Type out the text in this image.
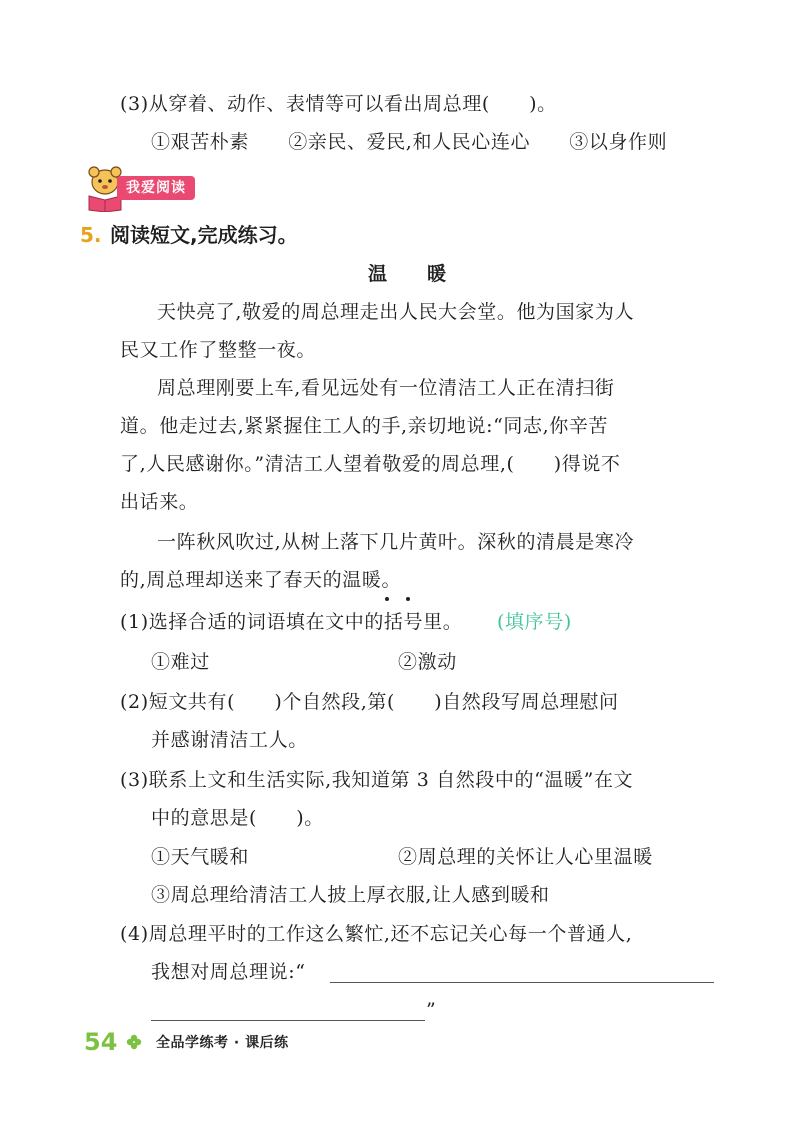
(3)从穿着、动作、表情等可以看出周总理(　　)。
①艰苦朴素　　②亲民、爱民,和人民心连心　　③以身作则
我爱阅读
5. 阅读短文,完成练习。
温暖
天快亮了,敬爱的周总理走出人民大会堂。他为国家为人
民又工作了整整一夜。
周总理刚要上车,看见远处有一位清洁工人正在清扫街
道。他走过去,紧紧握住工人的手,亲切地说:“同志,你辛苦
了,人民感谢你。”清洁工人望着敬爱的周总理,(　　)得说不
出话来。
一阵秋风吹过,从树上落下几片黄叶。深秋的清晨是寒冷
的,周总理却送来了春天的温暖。
(1)选择合适的词语填在文中的括号里。 (填序号)
①难过	②激动
(2)短文共有(　　)个自然段,第(　　)自然段写周总理慰问
并感谢清洁工人。
(3)联系上文和生活实际,我知道第 3 自然段中的“温暖”在文
中的意思是(　　)。
①天气暖和	②周总理的关怀让人心里温暖
③周总理给清洁工人披上厚衣服,让人感到暖和
(4)周总理平时的工作这么繁忙,还不忘记关心每一个普通人,
我想对周总理说:“
”
54	全品学练考 · 课后练
